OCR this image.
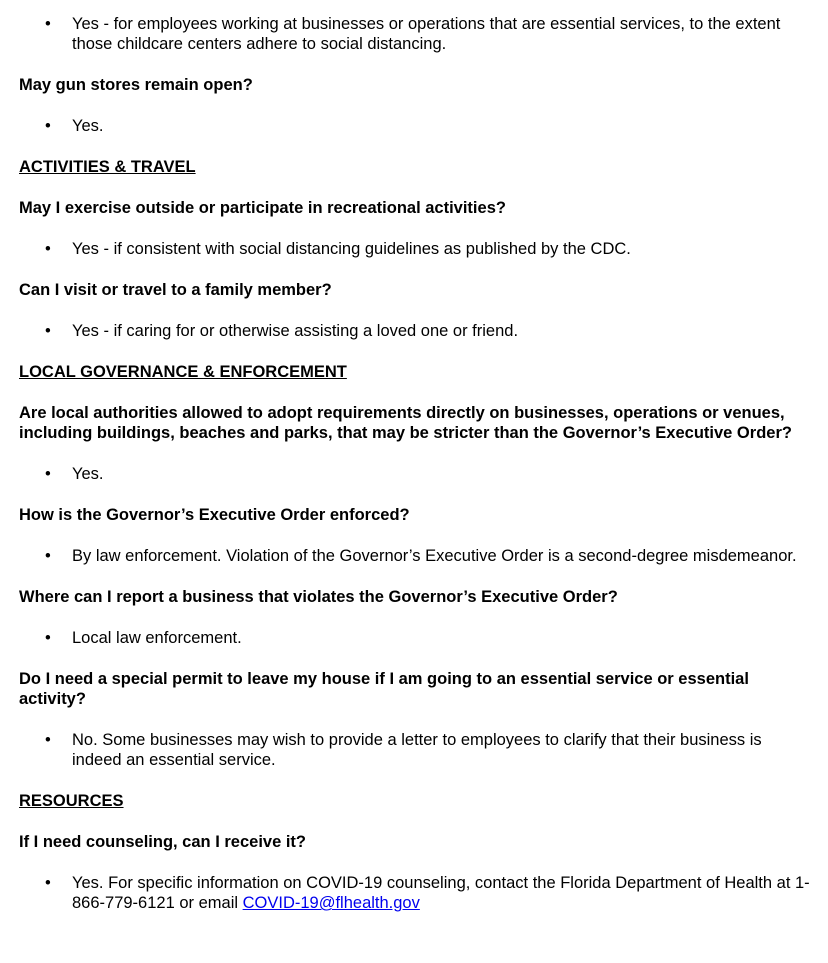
•	Yes - for employees working at businesses or operations that are essential services, to the extent those childcare centers adhere to social distancing.
May gun stores remain open?
•	Yes.
ACTIVITIES & TRAVEL
May I exercise outside or participate in recreational activities?
•	Yes - if consistent with social distancing guidelines as published by the CDC.
Can I visit or travel to a family member?
•	Yes - if caring for or otherwise assisting a loved one or friend.
LOCAL GOVERNANCE & ENFORCEMENT
Are local authorities allowed to adopt requirements directly on businesses, operations or venues, including buildings, beaches and parks, that may be stricter than the Governor’s Executive Order?
•	Yes.
How is the Governor’s Executive Order enforced?
•	By law enforcement. Violation of the Governor’s Executive Order is a second-degree misdemeanor.
Where can I report a business that violates the Governor’s Executive Order?
•	Local law enforcement.
Do I need a special permit to leave my house if I am going to an essential service or essential activity?
•	No. Some businesses may wish to provide a letter to employees to clarify that their business is indeed an essential service.
RESOURCES
If I need counseling, can I receive it?
•	Yes. For specific information on COVID-19 counseling, contact the Florida Department of Health at 1-866-779-6121 or email COVID-19@flhealth.gov
